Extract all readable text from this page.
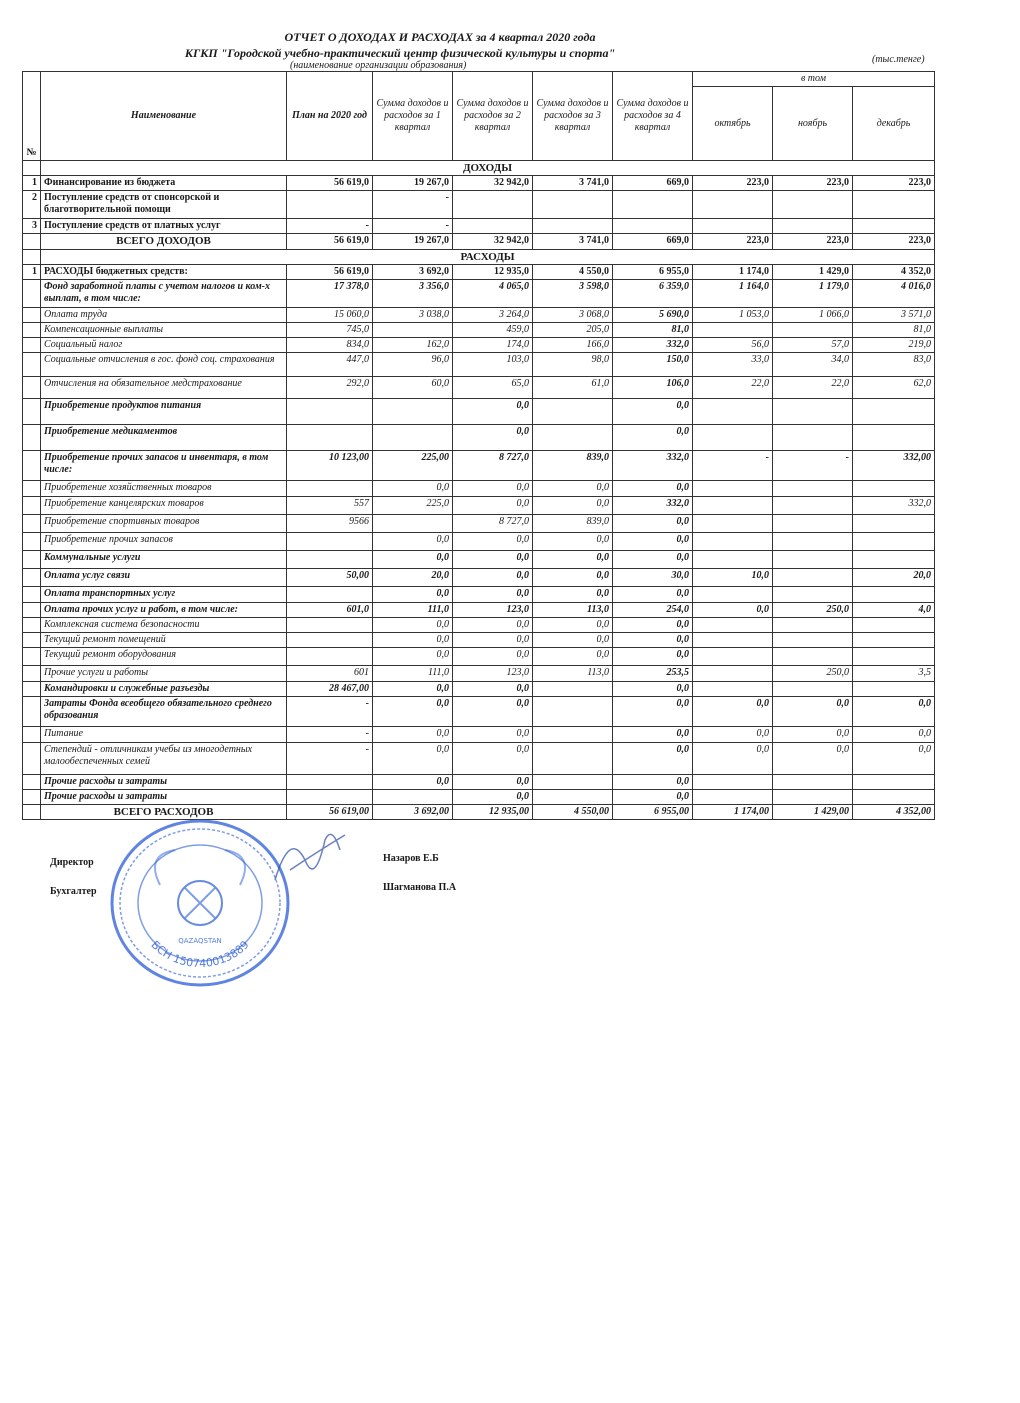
ОТЧЕТ О ДОХОДАХ И РАСХОДАХ за 4 квартал 2020 года
КГКП "Городской учебно-практический центр физической культуры и спорта"
(наименование организации образования)
(тыс.тенге)
№	Наименование	План на 2020 год	Сумма доходов и расходов за 1 квартал	Сумма доходов и расходов за 2 квартал	Сумма доходов и расходов за 3 квартал	Сумма доходов и расходов за 4 квартал	в том		
							октябрь	ноябрь	декабрь
	ДОХОДЫ								
1	Финансирование из бюджета	56 619,0	19 267,0	32 942,0	3 741,0	669,0	223,0	223,0	223,0
2	Поступление средств от спонсорской и благотворительной помощи		-						
3	Поступление средств от платных услуг	-	-						
	ВСЕГО ДОХОДОВ	56 619,0	19 267,0	32 942,0	3 741,0	669,0	223,0	223,0	223,0
	РАСХОДЫ								
1	РАСХОДЫ бюджетных средств:	56 619,0	3 692,0	12 935,0	4 550,0	6 955,0	1 174,0	1 429,0	4 352,0
	Фонд заработной платы с учетом налогов и ком-х выплат, в том числе:	17 378,0	3 356,0	4 065,0	3 598,0	6 359,0	1 164,0	1 179,0	4 016,0
	Оплата труда	15 060,0	3 038,0	3 264,0	3 068,0	5 690,0	1 053,0	1 066,0	3 571,0
	Компенсационные выплаты	745,0		459,0	205,0	81,0			81,0
	Социальный налог	834,0	162,0	174,0	166,0	332,0	56,0	57,0	219,0
	Социальные отчисления в гос. фонд соц. страхования	447,0	96,0	103,0	98,0	150,0	33,0	34,0	83,0
	Отчисления на обязательное медстрахование	292,0	60,0	65,0	61,0	106,0	22,0	22,0	62,0
	Приобретение продуктов питания			0,0		0,0			
	Приобретение медикаментов			0,0		0,0			
	Приобретение прочих запасов и инвентаря, в том числе:	10 123,00	225,00	8 727,0	839,0	332,0	-	-	332,00
	Приобретение хозяйственных товаров		0,0	0,0	0,0	0,0			
	Приобретение канцелярских товаров	557	225,0	0,0	0,0	332,0			332,0
	Приобретение спортивных товаров	9566		8 727,0	839,0	0,0			
	Приобретение прочих запасов		0,0	0,0	0,0	0,0			
	Коммунальные услуги		0,0	0,0	0,0	0,0			
	Оплата услуг связи	50,00	20,0	0,0	0,0	30,0	10,0		20,0
	Оплата транспортных услуг		0,0	0,0	0,0	0,0			
	Оплата прочих услуг и работ, в том числе:	601,0	111,0	123,0	113,0	254,0	0,0	250,0	4,0
	Комплексная система безопасности		0,0	0,0	0,0	0,0			
	Текущий ремонт помещений		0,0	0,0	0,0	0,0			
	Текущий ремонт оборудования		0,0	0,0	0,0	0,0			
	Прочие услуги и работы	601	111,0	123,0	113,0	253,5		250,0	3,5
	Командировки и служебные разъезды	28 467,00	0,0	0,0		0,0			
	Затраты Фонда всеобщего обязательного среднего образования	-	0,0	0,0		0,0	0,0	0,0	0,0
	Питание	-	0,0	0,0		0,0	0,0	0,0	0,0
	Степендий - отличникам учебы из многодетных малообеспеченных семей	-	0,0	0,0		0,0	0,0	0,0	0,0
	Прочие расходы и затраты		0,0	0,0		0,0			
	Прочие расходы и затраты			0,0		0,0			
	ВСЕГО РАСХОДОВ	56 619,00	3 692,00	12 935,00	4 550,00	6 955,00	1 174,00	1 429,00	4 352,00
Директор	Назаров Е.Б
Бухгалтер	Шагманова П.А
QAZAQSTAN
БСН 150740013889
